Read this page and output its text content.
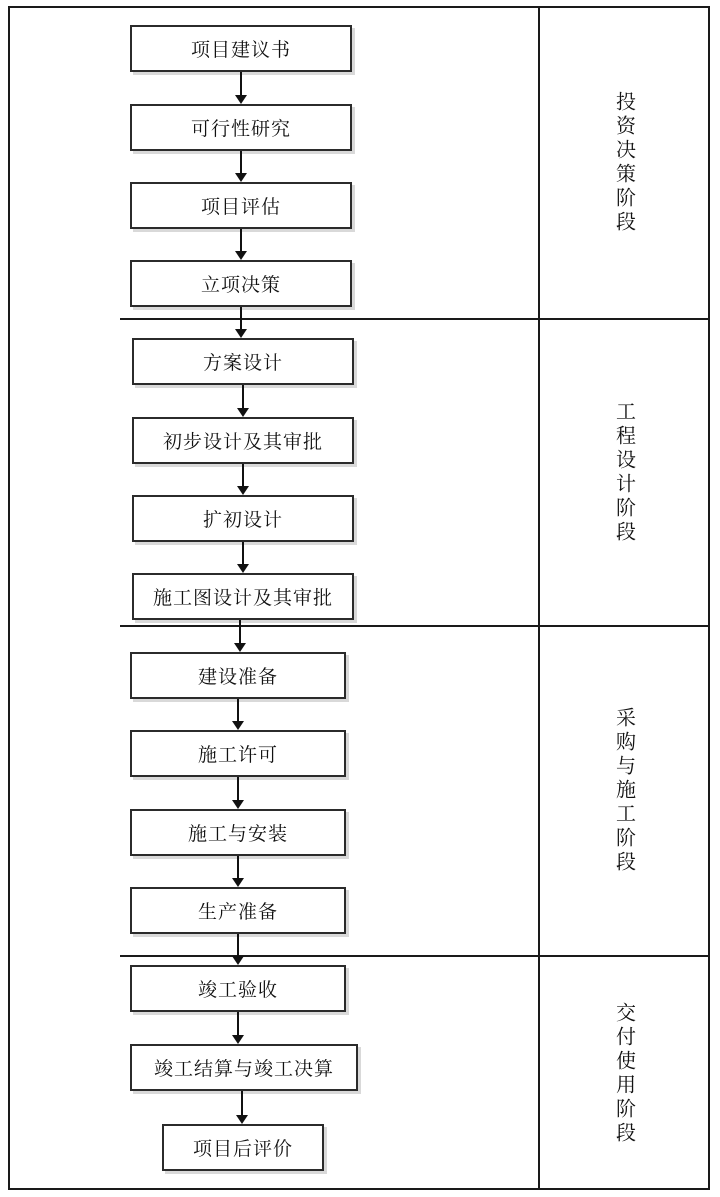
项目建议书
可行性研究
项目评估
立项决策
方案设计
初步设计及其审批
扩初设计
施工图设计及其审批
建设准备
施工许可
施工与安装
生产准备
竣工验收
竣工结算与竣工决算
项目后评价
投资决策阶段
工程设计阶段
采购与施工阶段
交付使用阶段
